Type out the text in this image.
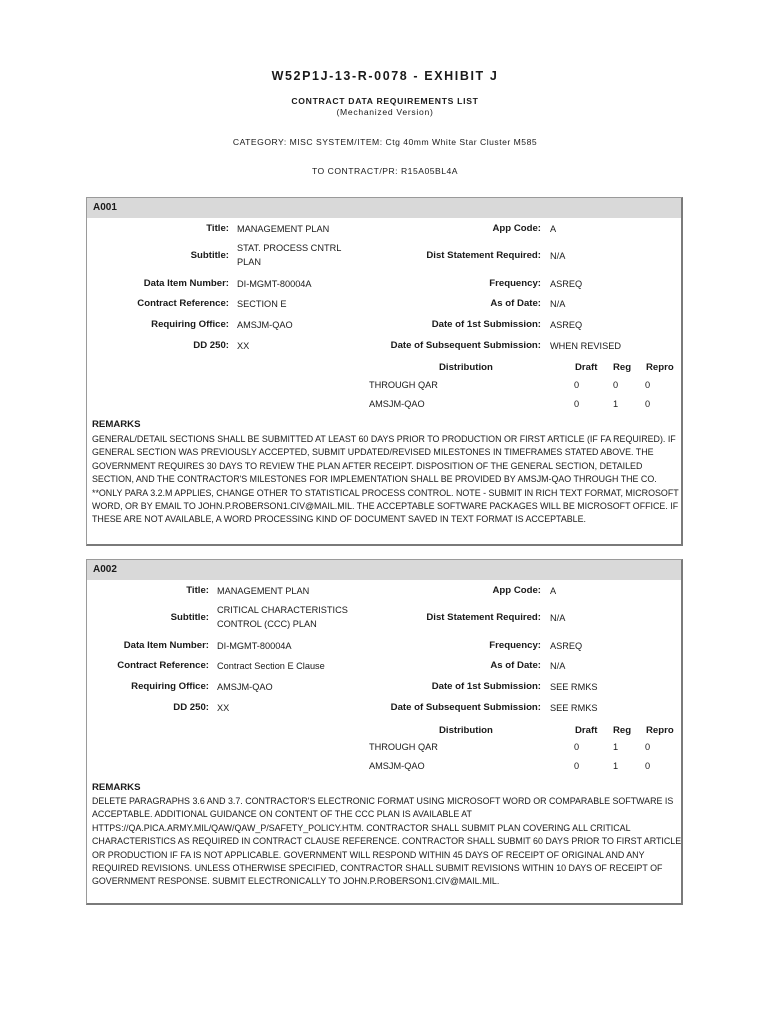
W52P1J-13-R-0078 - EXHIBIT J
CONTRACT DATA REQUIREMENTS LIST
(Mechanized Version)
CATEGORY: MISC SYSTEM/ITEM: Ctg 40mm White Star Cluster M585
TO CONTRACT/PR: R15A05BL4A
A001
Title: MANAGEMENT PLAN
Subtitle:
STAT. PROCESS CNTRL PLAN
Data Item Number: DI-MGMT-80004A
Contract Reference: SECTION E
Requiring Office: AMSJM-QAO
DD 250: XX
App Code: A
Dist Statement Required: N/A
Frequency: ASREQ
As of Date: N/A
Date of 1st Submission: ASREQ
Date of Subsequent Submission: WHEN REVISED
Distribution	Draft Reg Repro
THROUGH QAR	0	0	0
AMSJM-QAO	0	1	0
REMARKS
GENERAL/DETAIL SECTIONS SHALL BE SUBMITTED AT LEAST 60 DAYS PRIOR TO PRODUCTION OR FIRST ARTICLE (IF FA REQUIRED). IF GENERAL SECTION WAS PREVIOUSLY ACCEPTED, SUBMIT UPDATED/REVISED MILESTONES IN TIMEFRAMES STATED ABOVE. THE GOVERNMENT REQUIRES 30 DAYS TO REVIEW THE PLAN AFTER RECEIPT. DISPOSITION OF THE GENERAL SECTION, DETAILED SECTION, AND THE CONTRACTOR'S MILESTONES FOR IMPLEMENTATION SHALL BE PROVIDED BY AMSJM-QAO THROUGH THE CO. **ONLY PARA 3.2.M APPLIES, CHANGE OTHER TO STATISTICAL PROCESS CONTROL. NOTE - SUBMIT IN RICH TEXT FORMAT, MICROSOFT WORD, OR BY EMAIL TO JOHN.P.ROBERSON1.CIV@MAIL.MIL. THE ACCEPTABLE SOFTWARE PACKAGES WILL BE MICROSOFT OFFICE. IF THESE ARE NOT AVAILABLE, A WORD PROCESSING KIND OF DOCUMENT SAVED IN TEXT FORMAT IS ACCEPTABLE.
A002
Title: MANAGEMENT PLAN
Subtitle:
CRITICAL CHARACTERISTICS CONTROL (CCC) PLAN
Data Item Number: DI-MGMT-80004A
Contract Reference: Contract Section E Clause
Requiring Office: AMSJM-QAO
DD 250: XX
App Code: A
Dist Statement Required: N/A
Frequency: ASREQ
As of Date: N/A
Date of 1st Submission: SEE RMKS
Date of Subsequent Submission: SEE RMKS
Distribution	Draft Reg Repro
THROUGH QAR	0	1	0
AMSJM-QAO	0	1	0
REMARKS
DELETE PARAGRAPHS 3.6 AND 3.7. CONTRACTOR'S ELECTRONIC FORMAT USING MICROSOFT WORD OR COMPARABLE SOFTWARE IS ACCEPTABLE. ADDITIONAL GUIDANCE ON CONTENT OF THE CCC PLAN IS AVAILABLE AT HTTPS://QA.PICA.ARMY.MIL/QAW/QAW_P/SAFETY_POLICY.HTM. CONTRACTOR SHALL SUBMIT PLAN COVERING ALL CRITICAL CHARACTERISTICS AS REQUIRED IN CONTRACT CLAUSE REFERENCE. CONTRACTOR SHALL SUBMIT 60 DAYS PRIOR TO FIRST ARTICLE OR PRODUCTION IF FA IS NOT APPLICABLE. GOVERNMENT WILL RESPOND WITHIN 45 DAYS OF RECEIPT OF ORIGINAL AND ANY REQUIRED REVISIONS. UNLESS OTHERWISE SPECIFIED, CONTRACTOR SHALL SUBMIT REVISIONS WITHIN 10 DAYS OF RECEIPT OF GOVERNMENT RESPONSE. SUBMIT ELECTRONICALLY TO JOHN.P.ROBERSON1.CIV@MAIL.MIL.
